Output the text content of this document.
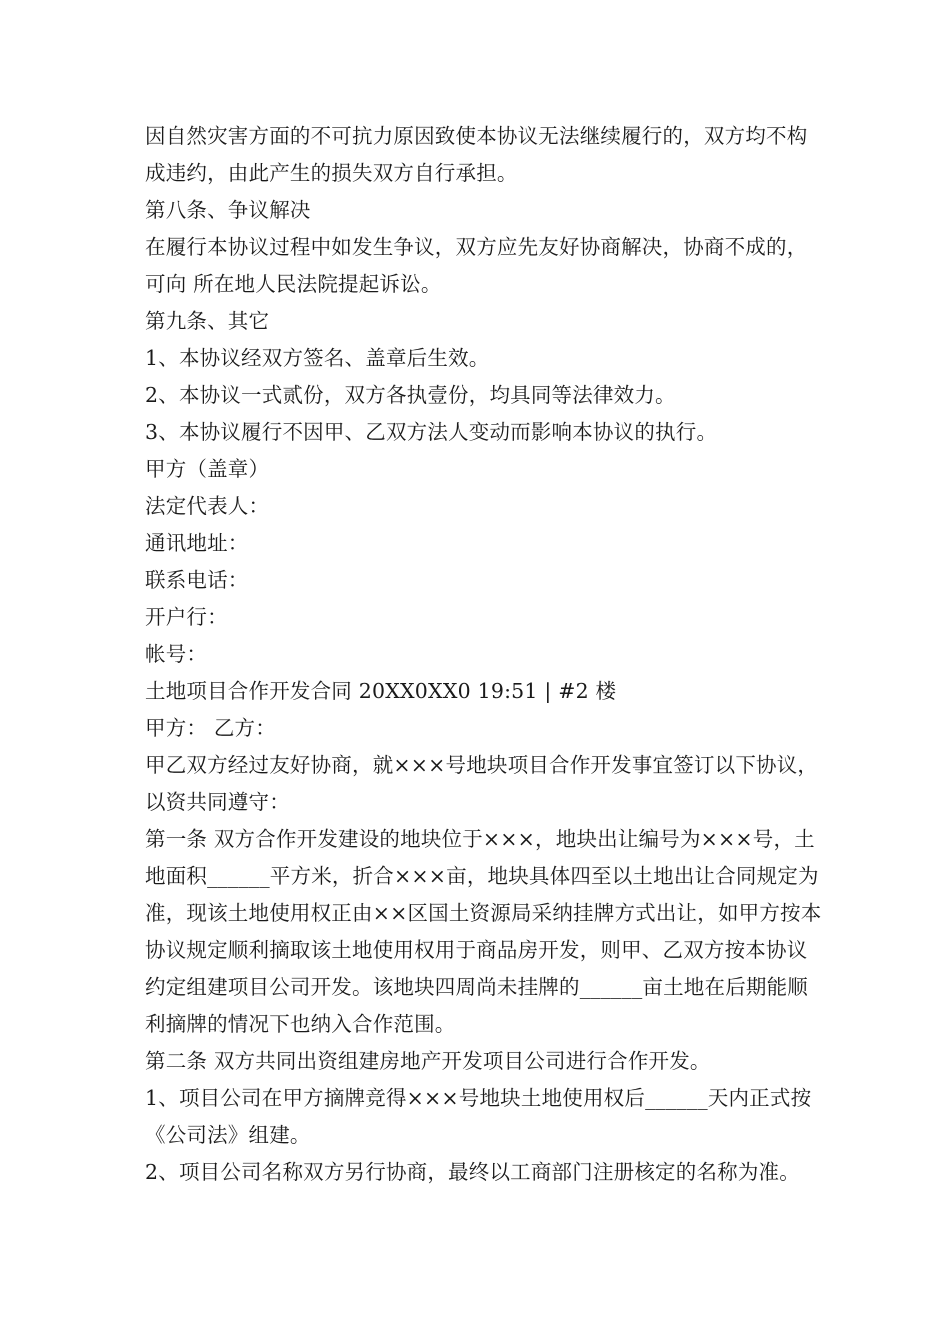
因自然灾害方面的不可抗力原因致使本协议无法继续履行的，双方均不构成违约，由此产生的损失双方自行承担。

第八条、争议解决

在履行本协议过程中如发生争议，双方应先友好协商解决，协商不成的，可向 所在地人民法院提起诉讼。

第九条、其它

1、本协议经双方签名、盖章后生效。

2、本协议一式贰份，双方各执壹份，均具同等法律效力。

3、本协议履行不因甲、乙双方法人变动而影响本协议的执行。

甲方（盖章）

法定代表人：

通讯地址：

联系电话：

开户行：

帐号：

土地项目合作开发合同 20XX0XX0 19:51 | #2 楼

甲方： 乙方：

甲乙双方经过友好协商，就×××号地块项目合作开发事宜签订以下协议，以资共同遵守：

第一条 双方合作开发建设的地块位于×××，地块出让编号为×××号，土地面积______平方米，折合×××亩，地块具体四至以土地出让合同规定为准，现该土地使用权正由××区国土资源局采纳挂牌方式出让，如甲方按本协议规定顺利摘取该土地使用权用于商品房开发，则甲、乙双方按本协议约定组建项目公司开发。该地块四周尚未挂牌的______亩土地在后期能顺利摘牌的情况下也纳入合作范围。

第二条 双方共同出资组建房地产开发项目公司进行合作开发。

1、项目公司在甲方摘牌竞得×××号地块土地使用权后______天内正式按《公司法》组建。

2、项目公司名称双方另行协商，最终以工商部门注册核定的名称为准。
